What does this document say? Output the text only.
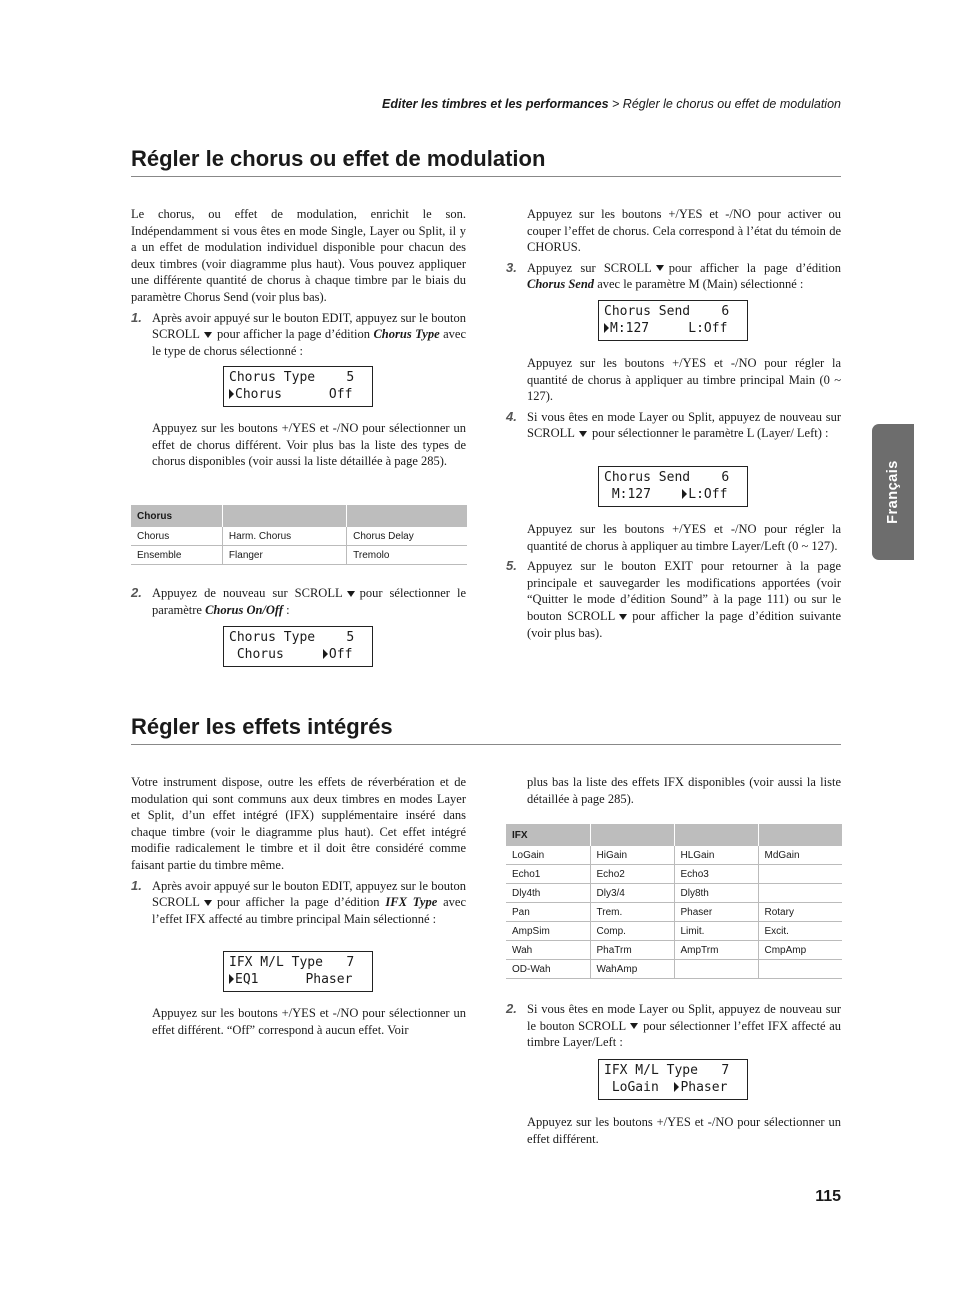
Editer les timbres et les performances > Régler le chorus ou effet de modulation
Régler le chorus ou effet de modulation

Le chorus, ou effet de modulation, enrichit le son. Indépendamment si vous êtes en mode Single, Layer ou Split, il y a un effet de modulation individuel disponible pour chacun des deux timbres (voir diagramme plus haut). Vous pouvez appliquer une différente quantité de chorus à chaque timbre par le biais du paramètre Chorus Send (voir plus bas).

1. Après avoir appuyé sur le bouton EDIT, appuyez sur le bouton SCROLL pour afficher la page d’édition Chorus Type avec le type de chorus sélectionné :
Chorus Type    5
Chorus      Off

Appuyez sur les boutons +/YES et -/NO pour sélectionner un effet de chorus différent. Voir plus bas la liste des types de chorus disponibles (voir aussi la liste détaillée à page 285).

Chorus		
Chorus	Harm. Chorus	Chorus Delay
Ensemble	Flanger	Tremolo
2. Appuyez de nouveau sur SCROLL pour sélectionner le paramètre Chorus On/Off :
Chorus Type    5
Chorus     Off

Appuyez sur les boutons +/YES et -/NO pour activer ou couper l’effet de chorus. Cela correspond à l’état du témoin de CHORUS.

3. Appuyez sur SCROLL pour afficher la page d’édition Chorus Send avec le paramètre M (Main) sélectionné :
Chorus Send    6
M:127     L:Off

Appuyez sur les boutons +/YES et -/NO pour régler la quantité de chorus à appliquer au timbre principal Main (0 ~ 127).

4. Si vous êtes en mode Layer ou Split, appuyez de nouveau sur SCROLL pour sélectionner le paramètre L (Layer/ Left) :
Chorus Send    6
M:127    L:Off

Appuyez sur les boutons +/YES et -/NO pour régler la quantité de chorus à appliquer au timbre Layer/Left (0 ~ 127).

5. Appuyez sur le bouton EXIT pour retourner à la page principale et sauvegarder les modifications apportées (voir “Quitter le mode d’édition Sound” à la page 111) ou sur le bouton SCROLL pour afficher la page d’édition suivante (voir plus bas).
Régler les effets intégrés

Votre instrument dispose, outre les effets de réverbération et de modulation qui sont communs aux deux timbres en modes Layer et Split, d’un effet intégré (IFX) supplémentaire inséré dans chaque timbre (voir le diagramme plus haut). Cet effet intégré modifie radicalement le timbre et il doit être considéré comme faisant partie du timbre même.

1. Après avoir appuyé sur le bouton EDIT, appuyez sur le bouton SCROLL pour afficher la page d’édition IFX Type avec l’effet IFX affecté au timbre principal Main sélectionné :
IFX M/L Type   7
EQ1      Phaser

Appuyez sur les boutons +/YES et -/NO pour sélectionner un effet différent. “Off” correspond à aucun effet. Voir

plus bas la liste des effets IFX disponibles (voir aussi la liste détaillée à page 285).

IFX			
LoGain	HiGain	HLGain	MdGain
Echo1	Echo2	Echo3	
Dly4th	Dly3/4	Dly8th	
Pan	Trem.	Phaser	Rotary
AmpSim	Comp.	Limit.	Excit.
Wah	PhaTrm	AmpTrm	CmpAmp
OD-Wah	WahAmp		
2. Si vous êtes en mode Layer ou Split, appuyez de nouveau sur le bouton SCROLL pour sélectionner l’effet IFX affecté au timbre Layer/Left :
IFX M/L Type   7
LoGain  Phaser

Appuyez sur les boutons +/YES et -/NO pour sélectionner un effet différent.

Français
115
